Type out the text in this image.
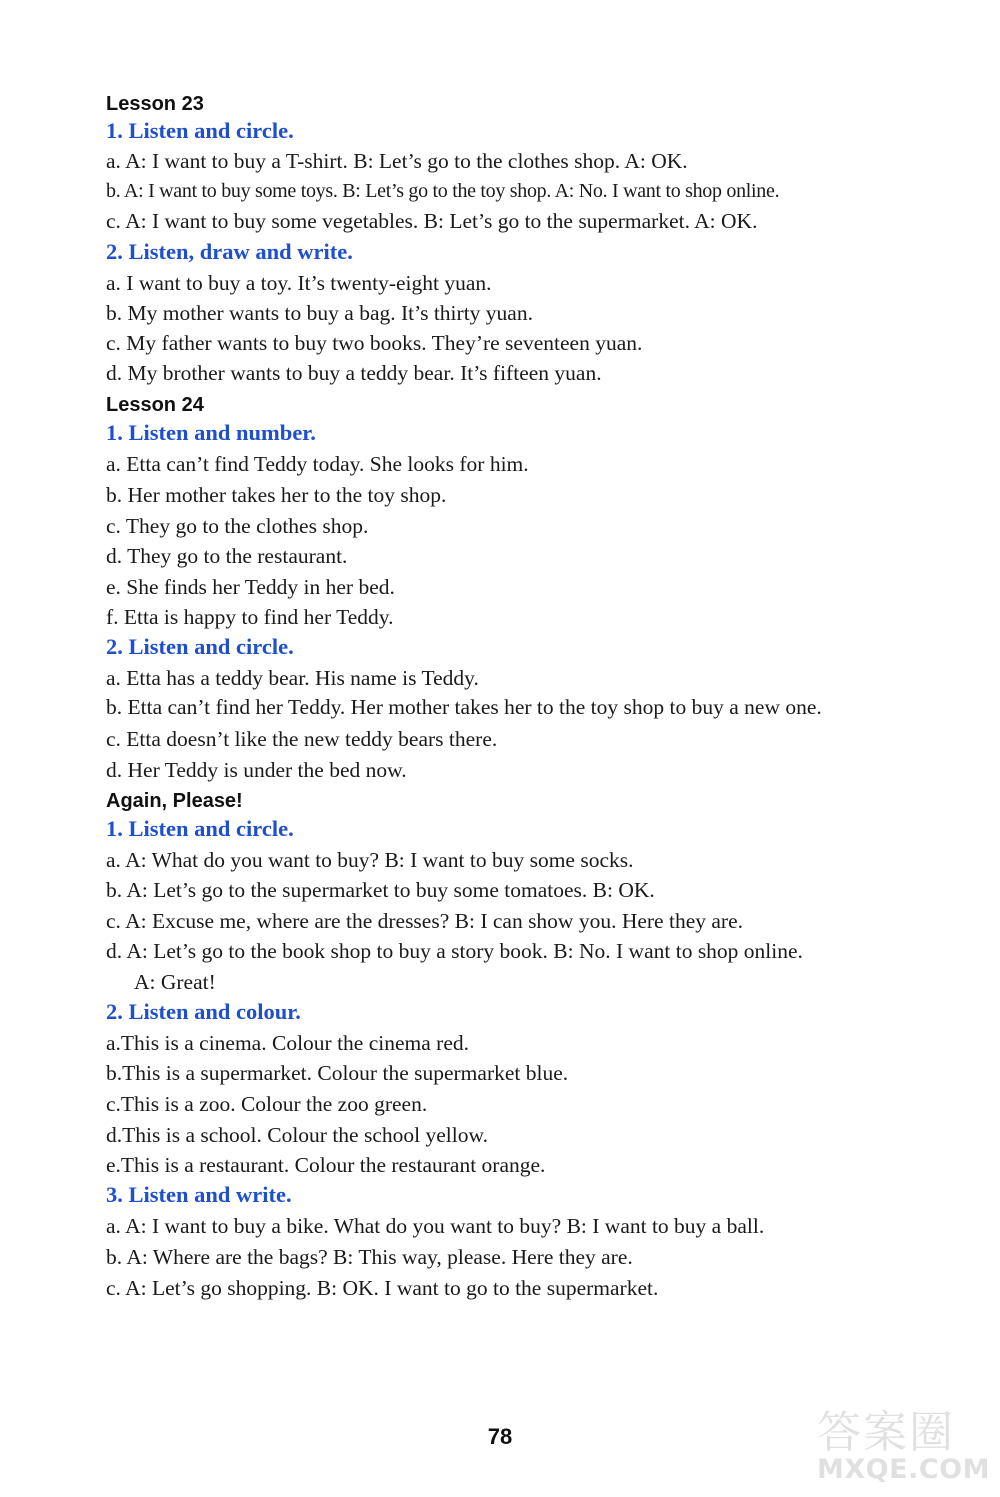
Lesson 23
1. Listen and circle.
a. A: I want to buy a T-shirt. B: Let’s go to the clothes shop. A: OK.
b. A: I want to buy some toys. B: Let’s go to the toy shop. A: No. I want to shop online.
c. A: I want to buy some vegetables. B: Let’s go to the supermarket. A: OK.
2. Listen, draw and write.
a. I want to buy a toy. It’s twenty-eight yuan.
b. My mother wants to buy a bag. It’s thirty yuan.
c. My father wants to buy two books. They’re seventeen yuan.
d. My brother wants to buy a teddy bear. It’s fifteen yuan.
Lesson 24
1. Listen and number.
a. Etta can’t find Teddy today. She looks for him.
b. Her mother takes her to the toy shop.
c. They go to the clothes shop.
d. They go to the restaurant.
e. She finds her Teddy in her bed.
f. Etta is happy to find her Teddy.
2. Listen and circle.
a. Etta has a teddy bear. His name is Teddy.
b. Etta can’t find her Teddy. Her mother takes her to the toy shop to buy a new one.
c. Etta doesn’t like the new teddy bears there.
d. Her Teddy is under the bed now.
Again, Please!
1. Listen and circle.
a. A: What do you want to buy? B: I want to buy some socks.
b. A: Let’s go to the supermarket to buy some tomatoes. B: OK.
c. A: Excuse me, where are the dresses? B: I can show you. Here they are.
d. A: Let’s go to the book shop to buy a story book. B: No. I want to shop online.
A: Great!
2. Listen and colour.
a.This is a cinema. Colour the cinema red.
b.This is a supermarket. Colour the supermarket blue.
c.This is a zoo. Colour the zoo green.
d.This is a school. Colour the school yellow.
e.This is a restaurant. Colour the restaurant orange.
3. Listen and write.
a. A: I want to buy a bike. What do you want to buy? B: I want to buy a ball.
b. A: Where are the bags? B: This way, please. Here they are.
c. A: Let’s go shopping. B: OK. I want to go to the supermarket.
78	答案圈
MXQE.COM
